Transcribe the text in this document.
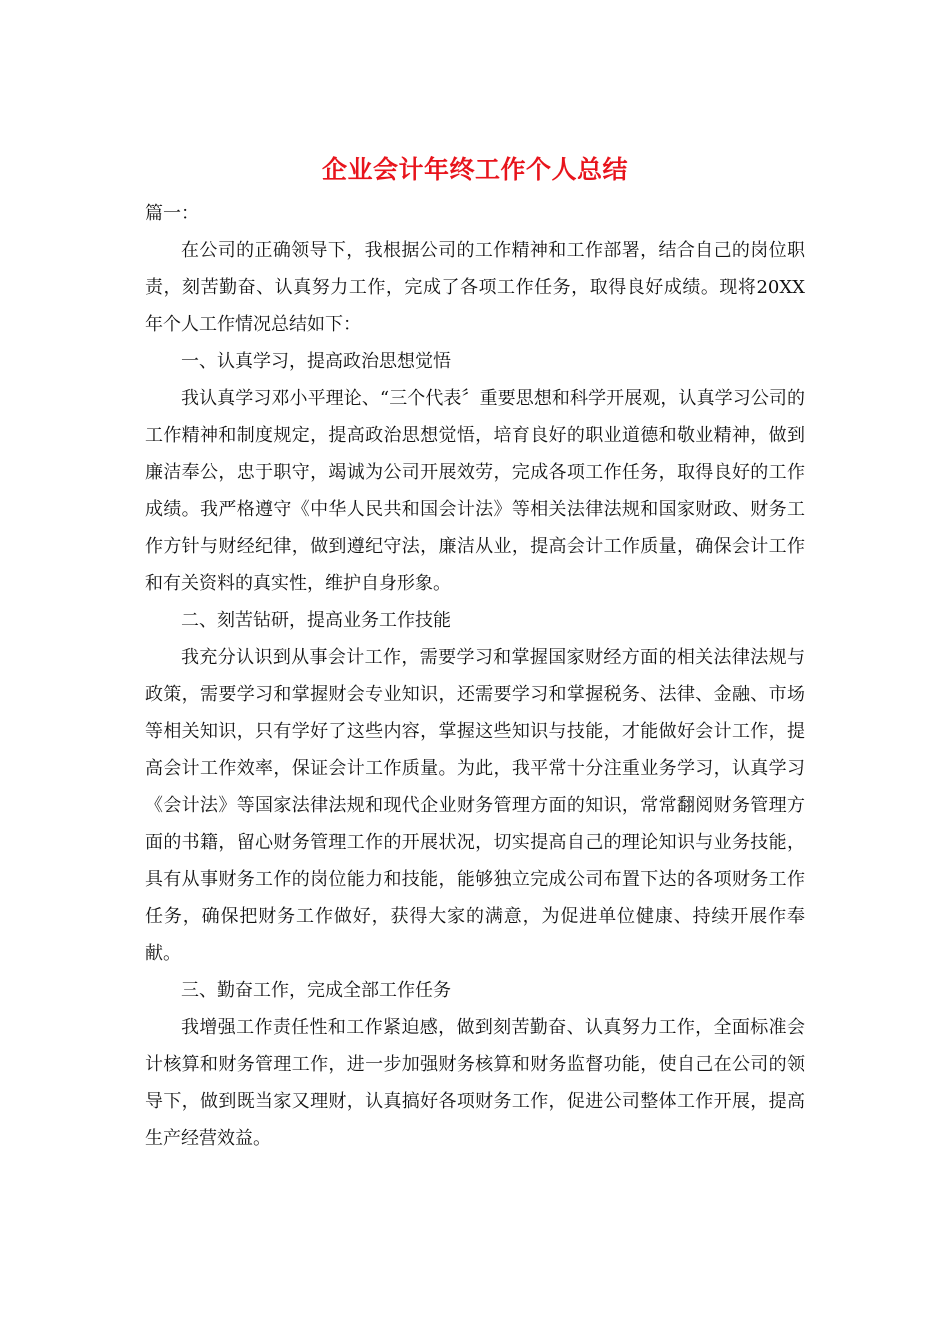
企业会计年终工作个人总结

篇一：

在公司的正确领导下，我根据公司的工作精神和工作部署，结合自己的岗位职责，刻苦勤奋、认真努力工作，完成了各项工作任务，取得良好成绩。现将20XX年个人工作情况总结如下：

一、认真学习，提高政治思想觉悟

我认真学习邓小平理论、“三个代表〞重要思想和科学开展观，认真学习公司的工作精神和制度规定，提高政治思想觉悟，培育良好的职业道德和敬业精神，做到廉洁奉公，忠于职守，竭诚为公司开展效劳，完成各项工作任务，取得良好的工作成绩。我严格遵守《中华人民共和国会计法》等相关法律法规和国家财政、财务工作方针与财经纪律，做到遵纪守法，廉洁从业，提高会计工作质量，确保会计工作和有关资料的真实性，维护自身形象。

二、刻苦钻研，提高业务工作技能

我充分认识到从事会计工作，需要学习和掌握国家财经方面的相关法律法规与政策，需要学习和掌握财会专业知识，还需要学习和掌握税务、法律、金融、市场等相关知识，只有学好了这些内容，掌握这些知识与技能，才能做好会计工作，提高会计工作效率，保证会计工作质量。为此，我平常十分注重业务学习，认真学习《会计法》等国家法律法规和现代企业财务管理方面的知识，常常翻阅财务管理方面的书籍，留心财务管理工作的开展状况，切实提高自己的理论知识与业务技能，具有从事财务工作的岗位能力和技能，能够独立完成公司布置下达的各项财务工作任务，确保把财务工作做好，获得大家的满意，为促进单位健康、持续开展作奉献。

三、勤奋工作，完成全部工作任务

我增强工作责任性和工作紧迫感，做到刻苦勤奋、认真努力工作，全面标准会计核算和财务管理工作，进一步加强财务核算和财务监督功能，使自己在公司的领导下，做到既当家又理财，认真搞好各项财务工作，促进公司整体工作开展，提高生产经营效益。
